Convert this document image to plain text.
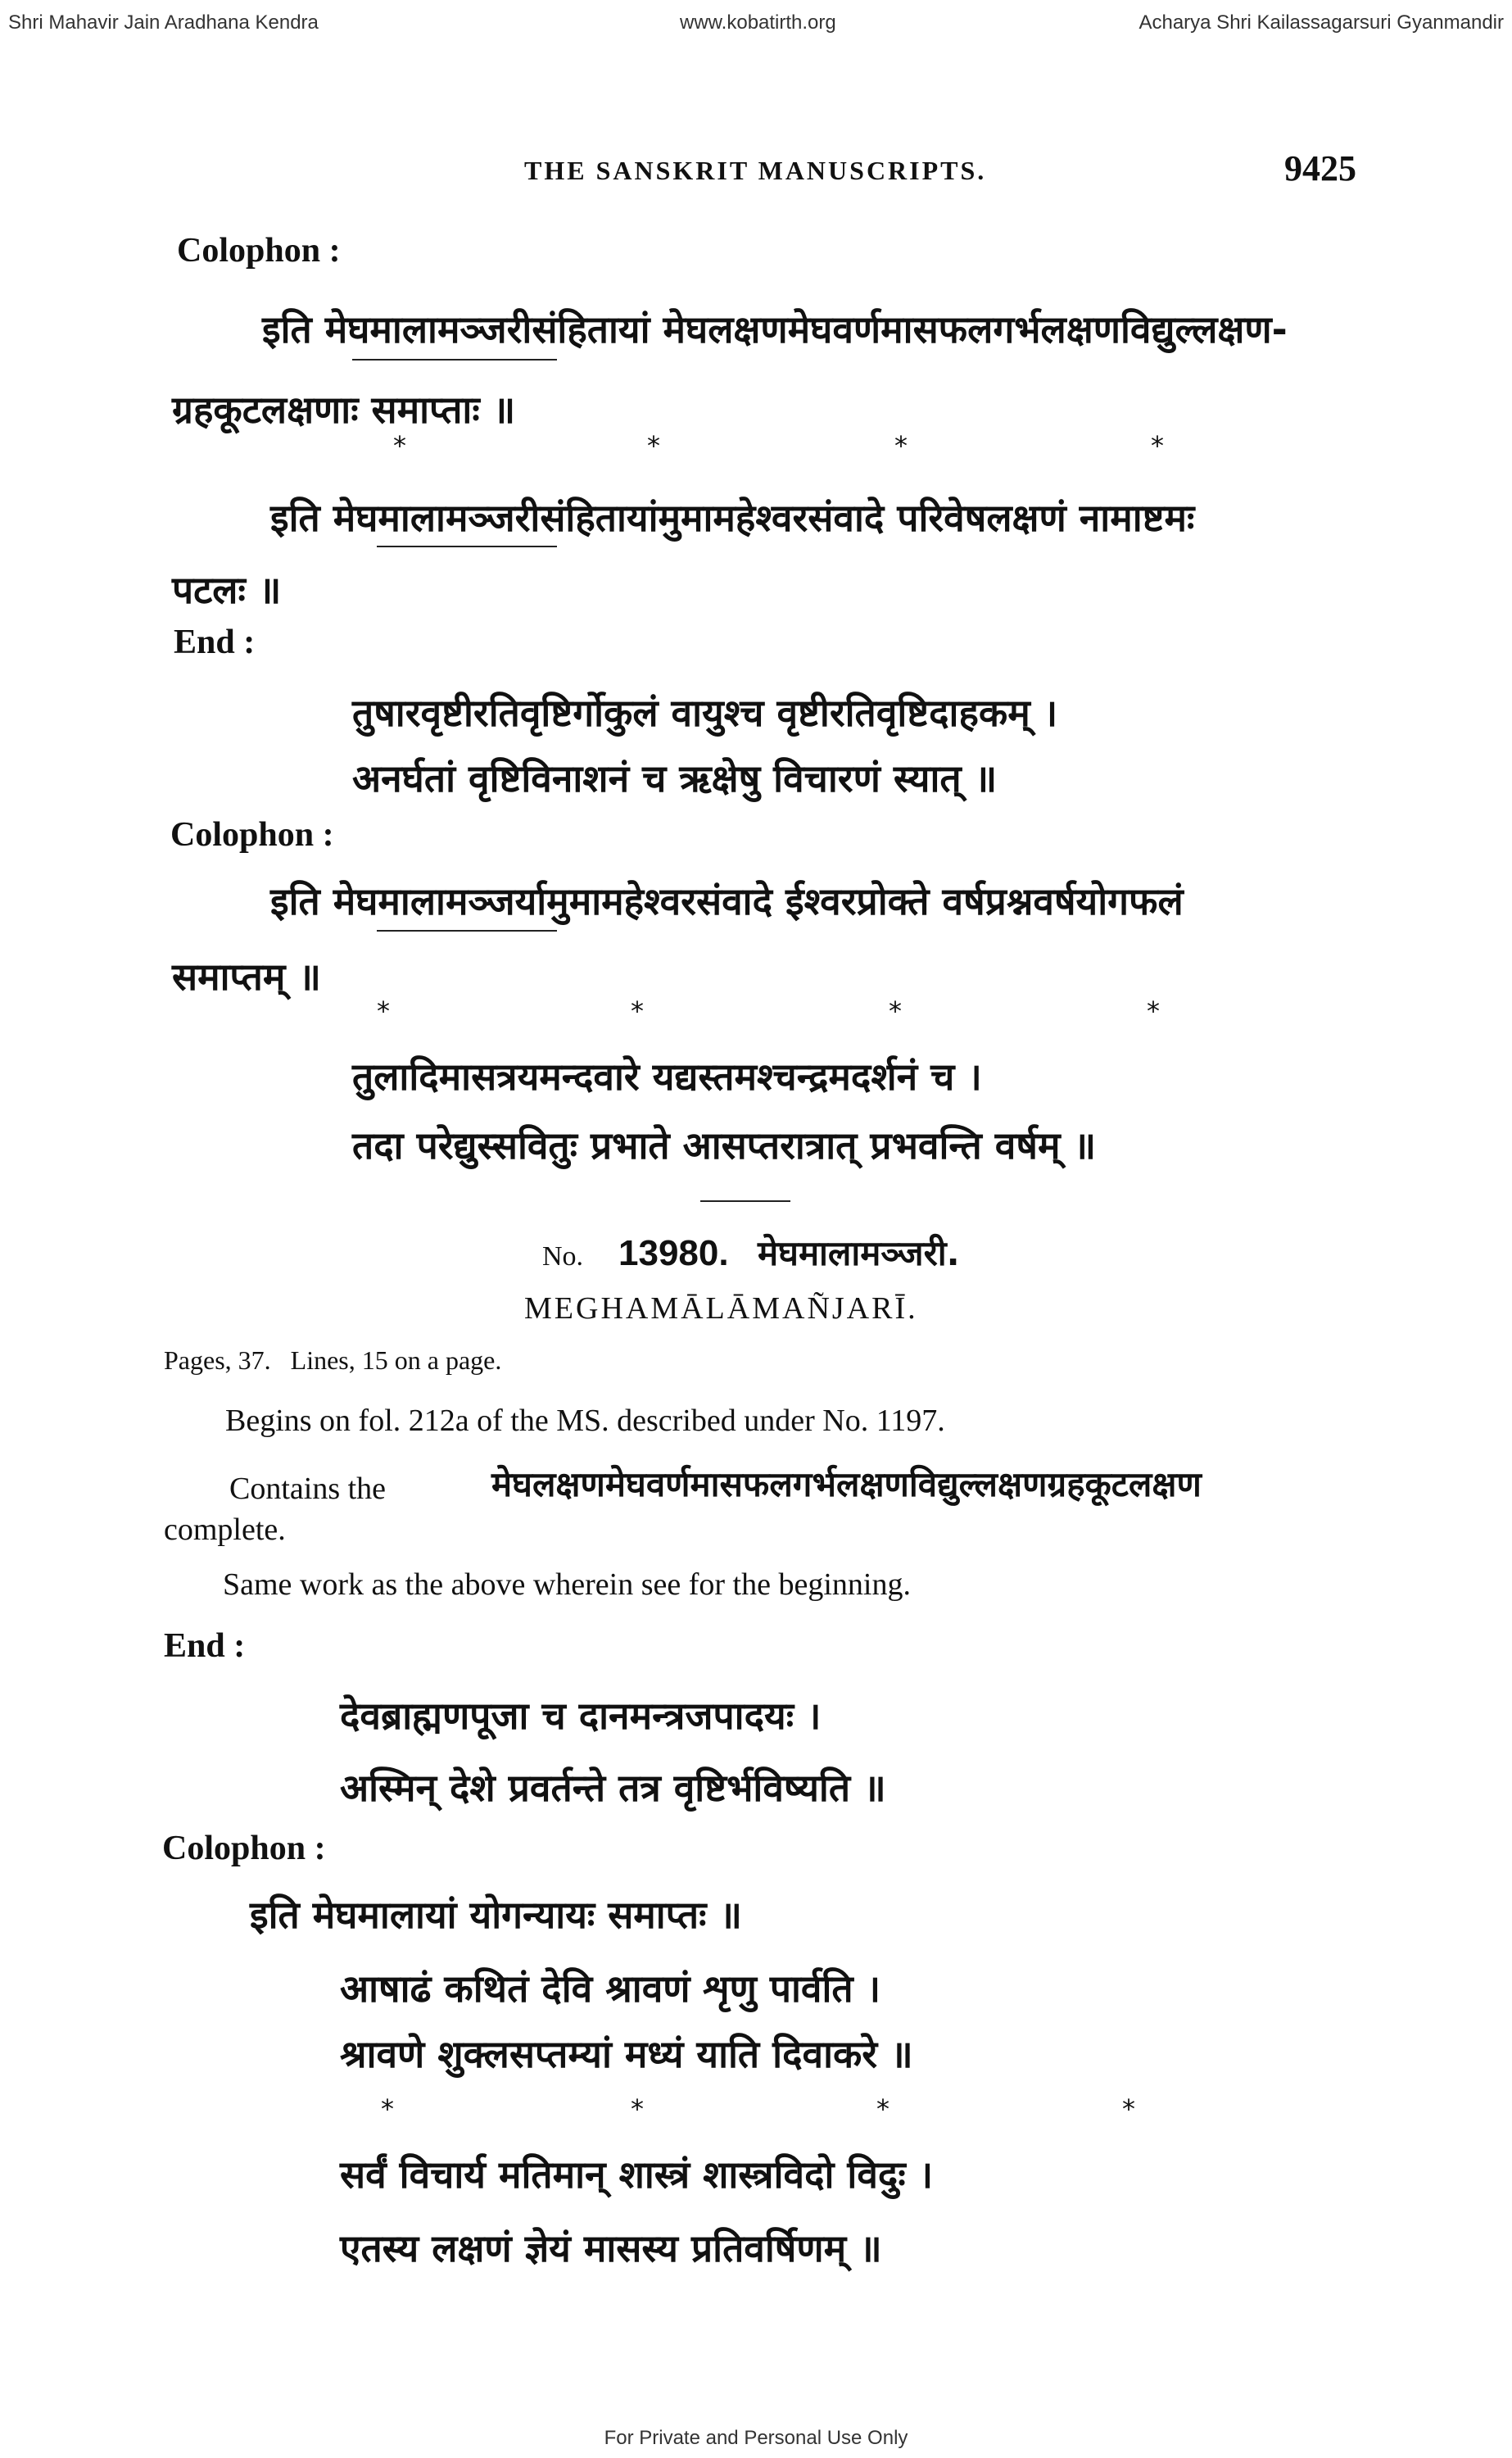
Shri Mahavir Jain Aradhana Kendra	www.kobatirth.org	Acharya Shri Kailassagarsuri Gyanmandir
THE SANSKRIT MANUSCRIPTS.	9425
Colophon :
इति मेघमालामञ्जरीसंहितायां मेघलक्षणमेघवर्णमासफलगर्भलक्षणविद्युल्लक्षण-
ग्रहकूटलक्षणाः समाप्ताः ॥
*	*	*	*
इति मेघमालामञ्जरीसंहितायांमुमामहेश्वरसंवादे परिवेषलक्षणं नामाष्टमः
पटलः ॥
End :
तुषारवृष्टीरतिवृष्टिर्गोकुलं वायुश्च वृष्टीरतिवृष्टिदाहकम् ।
अनर्घतां वृष्टिविनाशनं च ऋक्षेषु विचारणं स्यात् ॥
Colophon :
इति मेघमालामञ्जर्यामुमामहेश्वरसंवादे ईश्वरप्रोक्ते वर्षप्रश्नवर्षयोगफलं
समाप्तम् ॥
*	*	*	*
तुलादिमासत्रयमन्दवारे यद्यस्तमश्चन्द्रमदर्शनं च ।
तदा परेद्युस्सवितुः प्रभाते आसप्तरात्रात् प्रभवन्ति वर्षम् ॥
No. 13980. मेघमालामञ्जरी.
MEGHAMĀLĀMAÑJARĪ.
Pages, 37.   Lines, 15 on a page.
Begins on fol. 212a of the MS. described under No. 1197.
Contains the	मेघलक्षणमेघवर्णमासफलगर्भलक्षणविद्युल्लक्षणग्रहकूटलक्षण
complete.
Same work as the above wherein see for the beginning.
End :
देवब्राह्मणपूजा च दानमन्त्रजपादयः ।
अस्मिन् देशे प्रवर्तन्ते तत्र वृष्टिर्भविष्यति ॥
Colophon :
इति मेघमालायां योगन्यायः समाप्तः ॥
आषाढं कथितं देवि श्रावणं शृणु पार्वति ।
श्रावणे शुक्लसप्तम्यां मध्यं याति दिवाकरे ॥
*	*	*	*
सर्वं विचार्य मतिमान् शास्त्रं शास्त्रविदो विदुः ।
एतस्य लक्षणं ज्ञेयं मासस्य प्रतिवर्षिणम् ॥
For Private and Personal Use Only
